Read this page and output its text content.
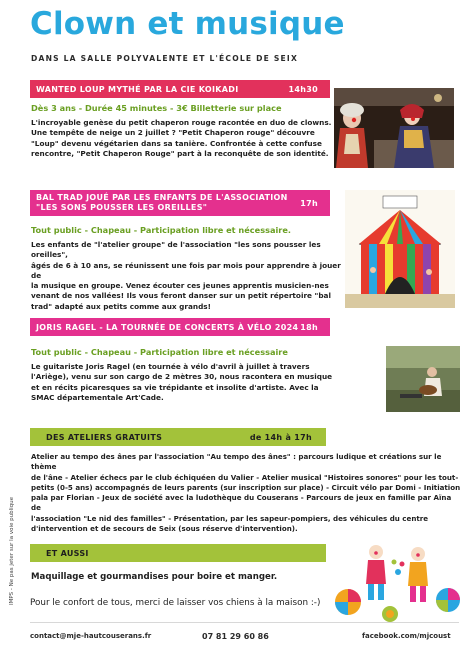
Clown et musique
DANS LA SALLE POLYVALENTE ET L'ÉCOLE DE SEIX
WANTED LOUP MYTHÉ PAR LA CIE KOIKADI	14h30
Dès 3 ans - Durée 45 minutes - 3€ Billetterie sur place
L'incroyable genèse du petit chaperon rouge racontée en duo de clowns.
Une tempête de neige un 2 juillet ? "Petit Chaperon rouge" découvre
"Loup" devenu végétarien dans sa tanière. Confrontée à cette confuse
rencontre, "Petit Chaperon Rouge" part à la reconquête de son identité.
BAL TRAD JOUÉ PAR LES ENFANTS DE L'ASSOCIATION
"LES SONS POUSSER LES OREILLES"	17h
Tout public - Chapeau - Participation libre et nécessaire.
Les enfants de "l'atelier groupe" de l'association "les sons pousser les oreilles",
âgés de 6 à 10 ans, se réunissent une fois par mois pour apprendre à jouer de
la musique en groupe. Venez écouter ces jeunes apprentis musicien-nes
venant de nos vallées! Ils vous feront danser sur un petit répertoire "bal
trad" adapté aux petits comme aux grands!
JORIS RAGEL - LA TOURNÉE DE CONCERTS À VÉLO 2024 18h
Tout public - Chapeau - Participation libre et nécessaire
Le guitariste Joris Ragel (en tournée à vélo d'avril à juillet à travers
l'Ariège), venu sur son cargo de 2 mètres 30, nous racontera en musique
et en récits picaresques sa vie trépidante et insolite d'artiste. Avec la
SMAC départementale Art'Cade.
DES ATELIERS GRATUITS	de 14h à 17h
Atelier au tempo des ânes par l'association "Au tempo des ânes" : parcours ludique et créations sur le thème
de l'âne - Atelier échecs par le club échiquéen du Valier - Atelier musical "Histoires sonores" pour les tout-
petits (0-5 ans) accompagnés de leurs parents (sur inscription sur place) - Circuit vélo par Domi - Initiation
pala par Florian - Jeux de société avec la ludothèque du Couserans - Parcours de jeux en famille par Aïna de
l'association "Le nid des familles" - Présentation, par les sapeur-pompiers, des véhicules du centre
d'intervention et de secours de Seix (sous réserve d'intervention).
ET AUSSI
Maquillage et gourmandises pour boire et manger.
IMPS - Ne pas jeter sur la voie publique Pour le confort de tous, merci de laisser vos chiens à la maison :-)
contact@mje-hautcouserans.fr	07 81 29 60 86	facebook.com/mjcoust
